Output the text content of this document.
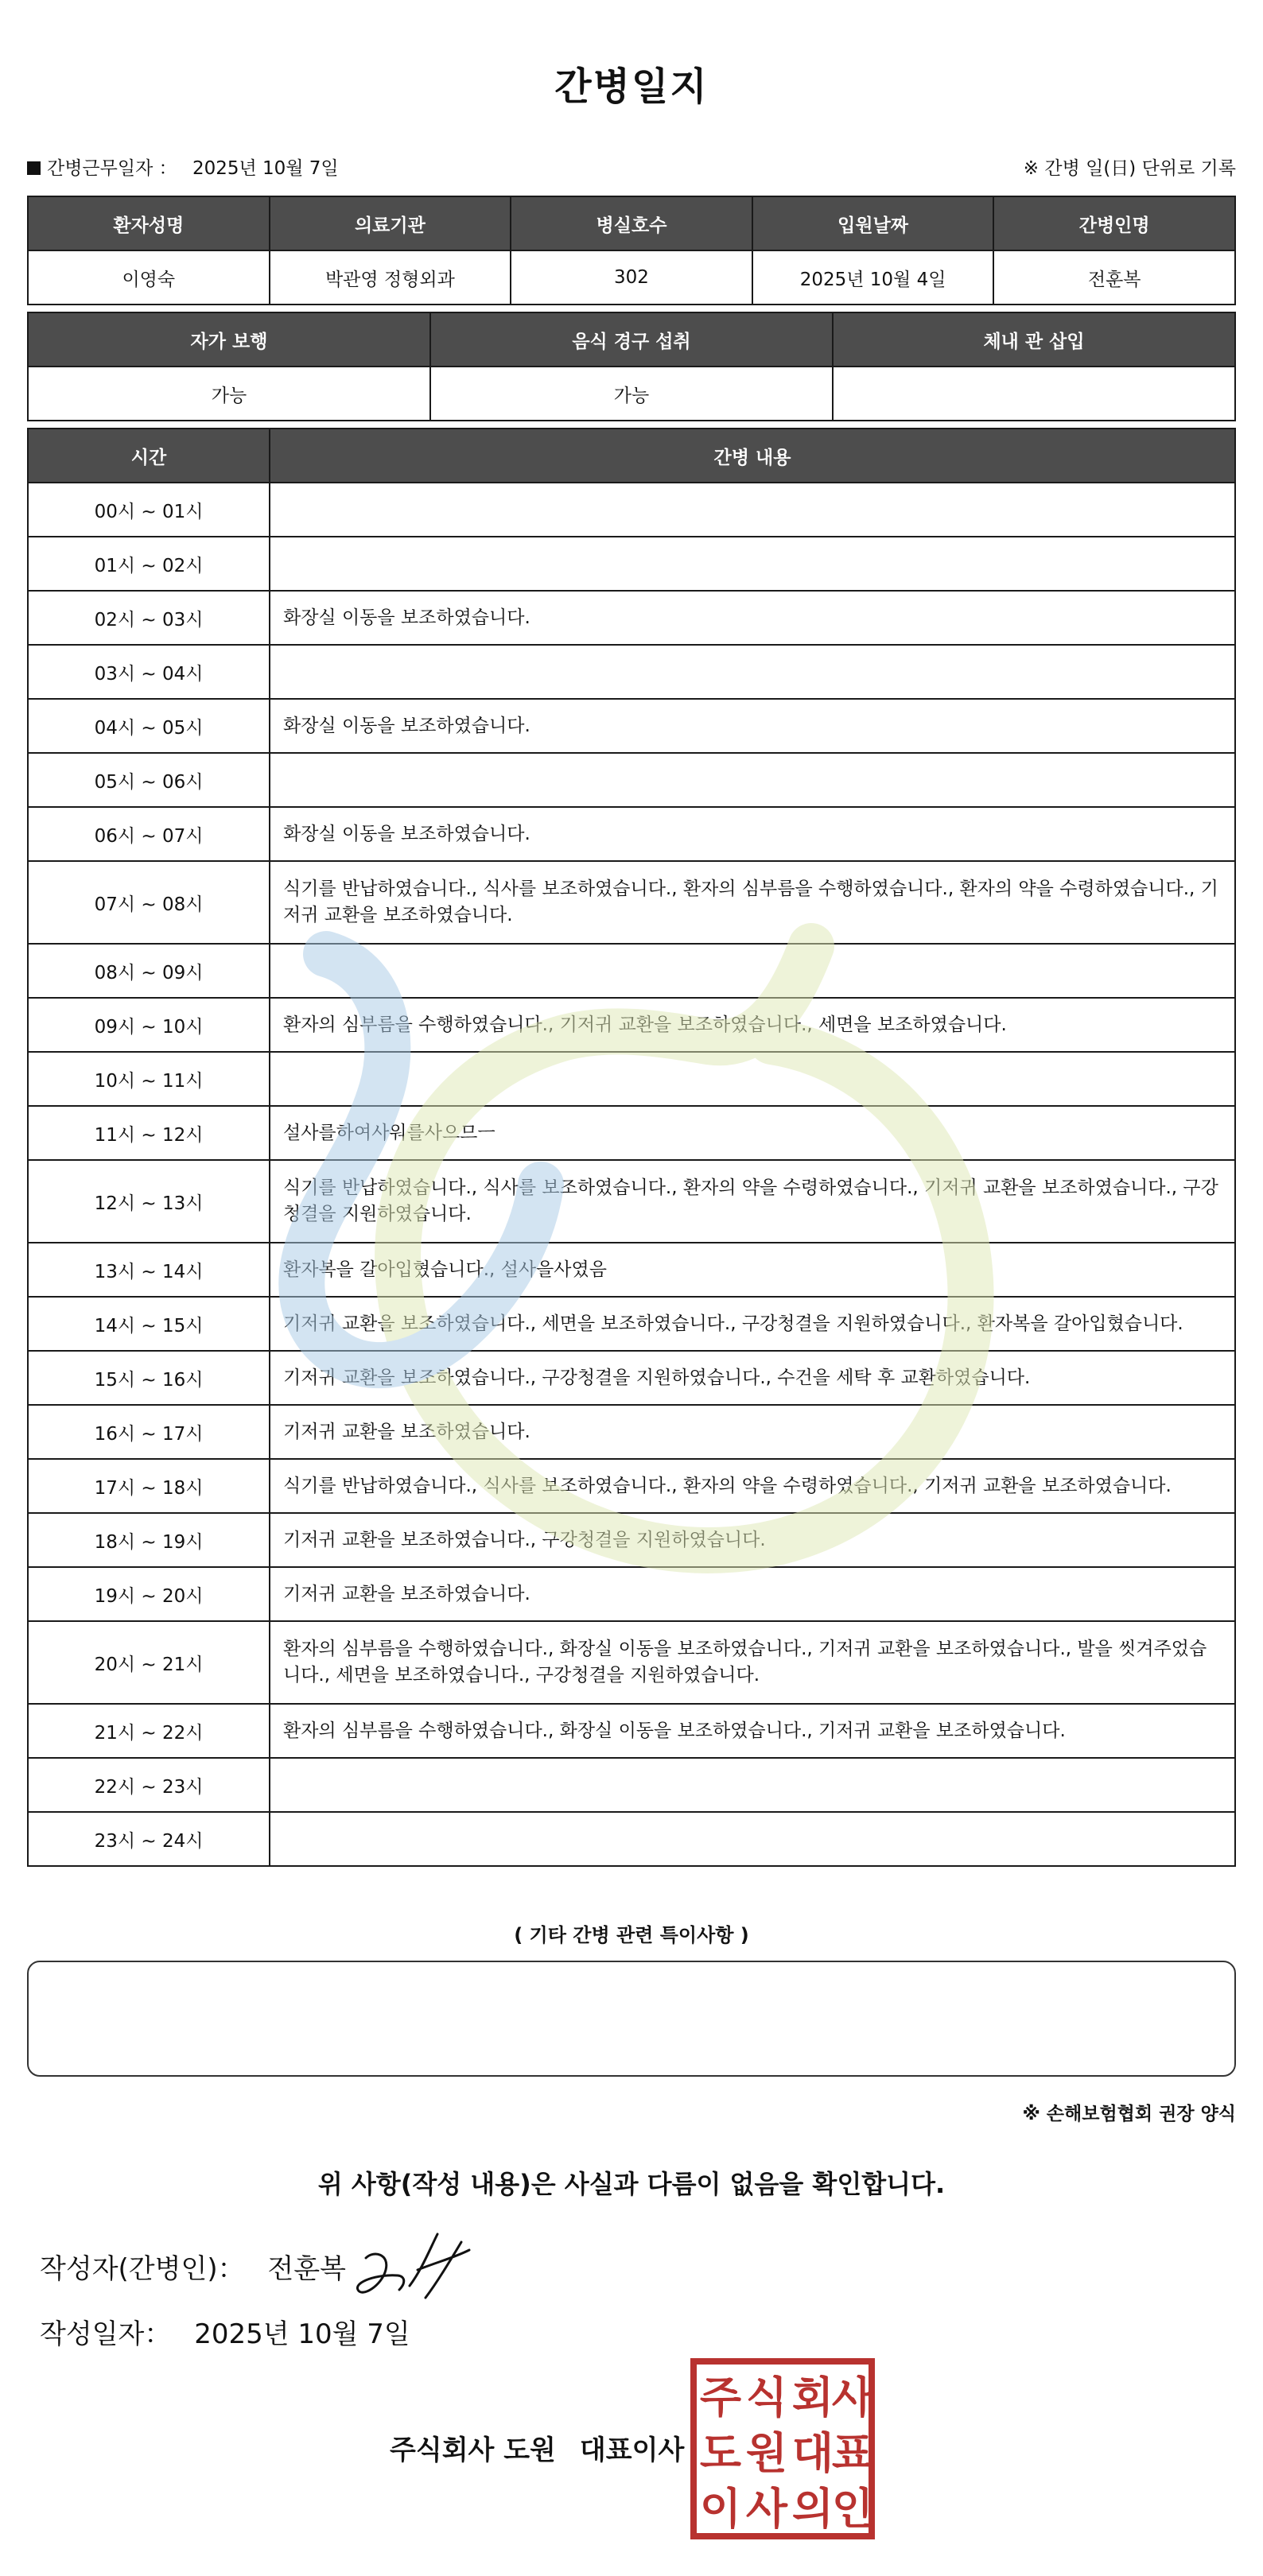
간병일지
간병근무일자 ： 2025년 10월 7일	※ 간병 일(日) 단위로 기록
환자성명	의료기관	병실호수	입원날짜	간병인명
이영숙	박관영 정형외과	302	2025년 10월 4일	전훈복
자가 보행	음식 경구 섭취	체내 관 삽입
가능	가능	
시간	간병 내용
00시 ~ 01시	
01시 ~ 02시	
02시 ~ 03시	화장실 이동을 보조하였습니다.
03시 ~ 04시	
04시 ~ 05시	화장실 이동을 보조하였습니다.
05시 ~ 06시	
06시 ~ 07시	화장실 이동을 보조하였습니다.
07시 ~ 08시	식기를 반납하였습니다., 식사를 보조하였습니다., 환자의 심부름을 수행하였습니다., 환자의 약을 수령하였습니다., 기저귀 교환을 보조하였습니다.
08시 ~ 09시	
09시 ~ 10시	환자의 심부름을 수행하였습니다., 기저귀 교환을 보조하였습니다., 세면을 보조하였습니다.
10시 ~ 11시	
11시 ~ 12시	설사를하여사워를사으므ㅡ
12시 ~ 13시	식기를 반납하였습니다., 식사를 보조하였습니다., 환자의 약을 수령하였습니다., 기저귀 교환을 보조하였습니다., 구강청결을 지원하였습니다.
13시 ~ 14시	환자복을 갈아입혔습니다., 설사을사였음
14시 ~ 15시	기저귀 교환을 보조하였습니다., 세면을 보조하였습니다., 구강청결을 지원하였습니다., 환자복을 갈아입혔습니다.
15시 ~ 16시	기저귀 교환을 보조하였습니다., 구강청결을 지원하였습니다., 수건을 세탁 후 교환하였습니다.
16시 ~ 17시	기저귀 교환을 보조하였습니다.
17시 ~ 18시	식기를 반납하였습니다., 식사를 보조하였습니다., 환자의 약을 수령하였습니다., 기저귀 교환을 보조하였습니다.
18시 ~ 19시	기저귀 교환을 보조하였습니다., 구강청결을 지원하였습니다.
19시 ~ 20시	기저귀 교환을 보조하였습니다.
20시 ~ 21시	환자의 심부름을 수행하였습니다., 화장실 이동을 보조하였습니다., 기저귀 교환을 보조하였습니다., 발을 씻겨주었습니다., 세면을 보조하였습니다., 구강청결을 지원하였습니다.
21시 ~ 22시	환자의 심부름을 수행하였습니다., 화장실 이동을 보조하였습니다., 기저귀 교환을 보조하였습니다.
22시 ~ 23시	
23시 ~ 24시	
( 기타 간병 관련 특이사항 )
※ 손해보험협회 권장 양식
위 사항(작성 내용)은 사실과 다름이 없음을 확인합니다.
작성자(간병인)： 전훈복
작성일자： 2025년 10월 7일
주식회사 도원 대표이사
주 식 회
사
도 원 대
표
이 사 의
인
